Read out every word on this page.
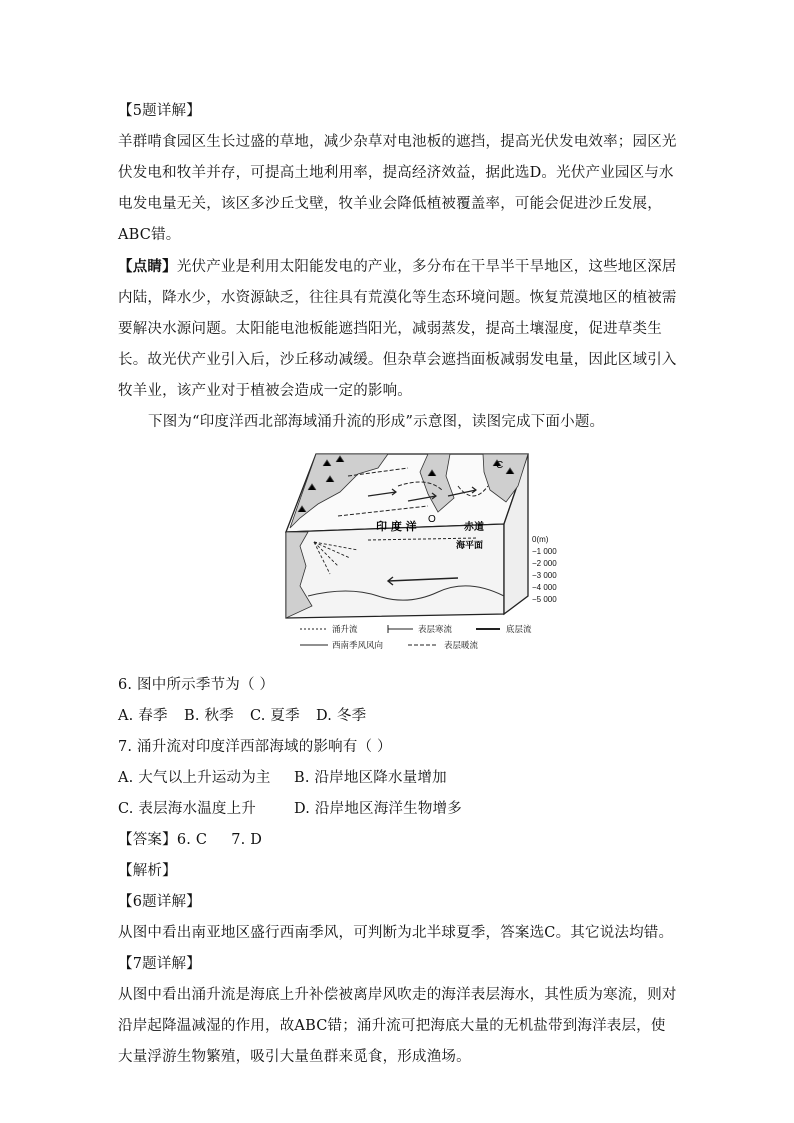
【5题详解】

羊群啃食园区生长过盛的草地，减少杂草对电池板的遮挡，提高光伏发电效率；园区光伏发电和牧羊并存，可提高土地利用率，提高经济效益，据此选D。光伏产业园区与水电发电量无关，该区多沙丘戈壁，牧羊业会降低植被覆盖率，可能会促进沙丘发展，ABC错。

【点睛】光伏产业是利用太阳能发电的产业，多分布在干旱半干旱地区，这些地区深居内陆，降水少，水资源缺乏，往往具有荒漠化等生态环境问题。恢复荒漠地区的植被需要解决水源问题。太阳能电池板能遮挡阳光，减弱蒸发，提高土壤湿度，促进草类生长。故光伏产业引入后，沙丘移动减缓。但杂草会遮挡面板减弱发电量，因此区域引入牧羊业，该产业对于植被会造成一定的影响。

下图为“印度洋西北部海域涌升流的形成”示意图，读图完成下面小题。

C
O
印 度 洋	赤道
海平面
0(m)
−1 000
−2 000
−3 000
−4 000
−5 000
涌升流	表层寒流	底层流
西南季风风向	表层暖流

6. 图中所示季节为（ ）

A. 春季 B. 秋季 C. 夏季 D. 冬季

7. 涌升流对印度洋西部海域的影响有（ ）

A. 大气以上升运动为主 B. 沿岸地区降水量增加

C. 表层海水温度上升	D. 沿岸地区海洋生物增多

【答案】6. C     7. D

【解析】

【6题详解】

从图中看出南亚地区盛行西南季风，可判断为北半球夏季，答案选C。其它说法均错。

【7题详解】

从图中看出涌升流是海底上升补偿被离岸风吹走的海洋表层海水，其性质为寒流，则对沿岸起降温减湿的作用，故ABC错；涌升流可把海底大量的无机盐带到海洋表层，使大量浮游生物繁殖，吸引大量鱼群来觅食，形成渔场。
